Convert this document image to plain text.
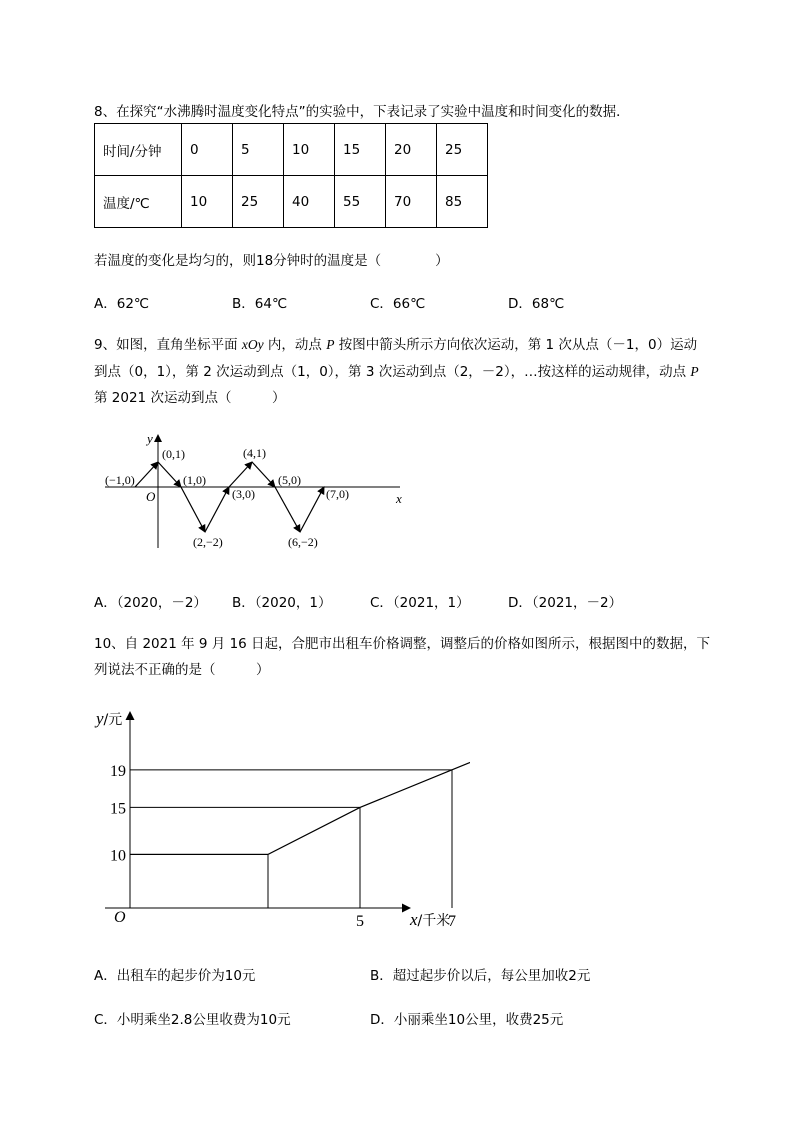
8、在探究“水沸腾时温度变化特点”的实验中，下表记录了实验中温度和时间变化的数据．
时间/分钟	0	5	10	15	20	25
温度/℃	10	25	40	55	70	85
若温度的变化是均匀的，则18分钟时的温度是（　　　　）
A．62℃	B．64℃	C．66℃	D．68℃
9、如图，直角坐标平面 xOy 内，动点 P 按图中箭头所示方向依次运动，第 1 次从点（－1，0）运动
到点（0，1），第 2 次运动到点（1，0），第 3 次运动到点（2，－2），…按这样的运动规律，动点 P
第 2021 次运动到点（　　　）
y
x
O
(−1,0)
(0,1)
(1,0)
(2,−2)
(3,0)
(4,1)
(5,0)
(6,−2)
(7,0)
A．（2020，－2） B．（2020，1）	C．（2021，1）	D．（2021，－2）
10、自 2021 年 9 月 16 日起，合肥市出租车价格调整，调整后的价格如图所示，根据图中的数据，下
列说法不正确的是（　　　）
19
15
10
5	7
y/元
x/千米
O
A．出租车的起步价为10元	B．超过起步价以后，每公里加收2元
C．小明乘坐2.8公里收费为10元	D．小丽乘坐10公里，收费25元
